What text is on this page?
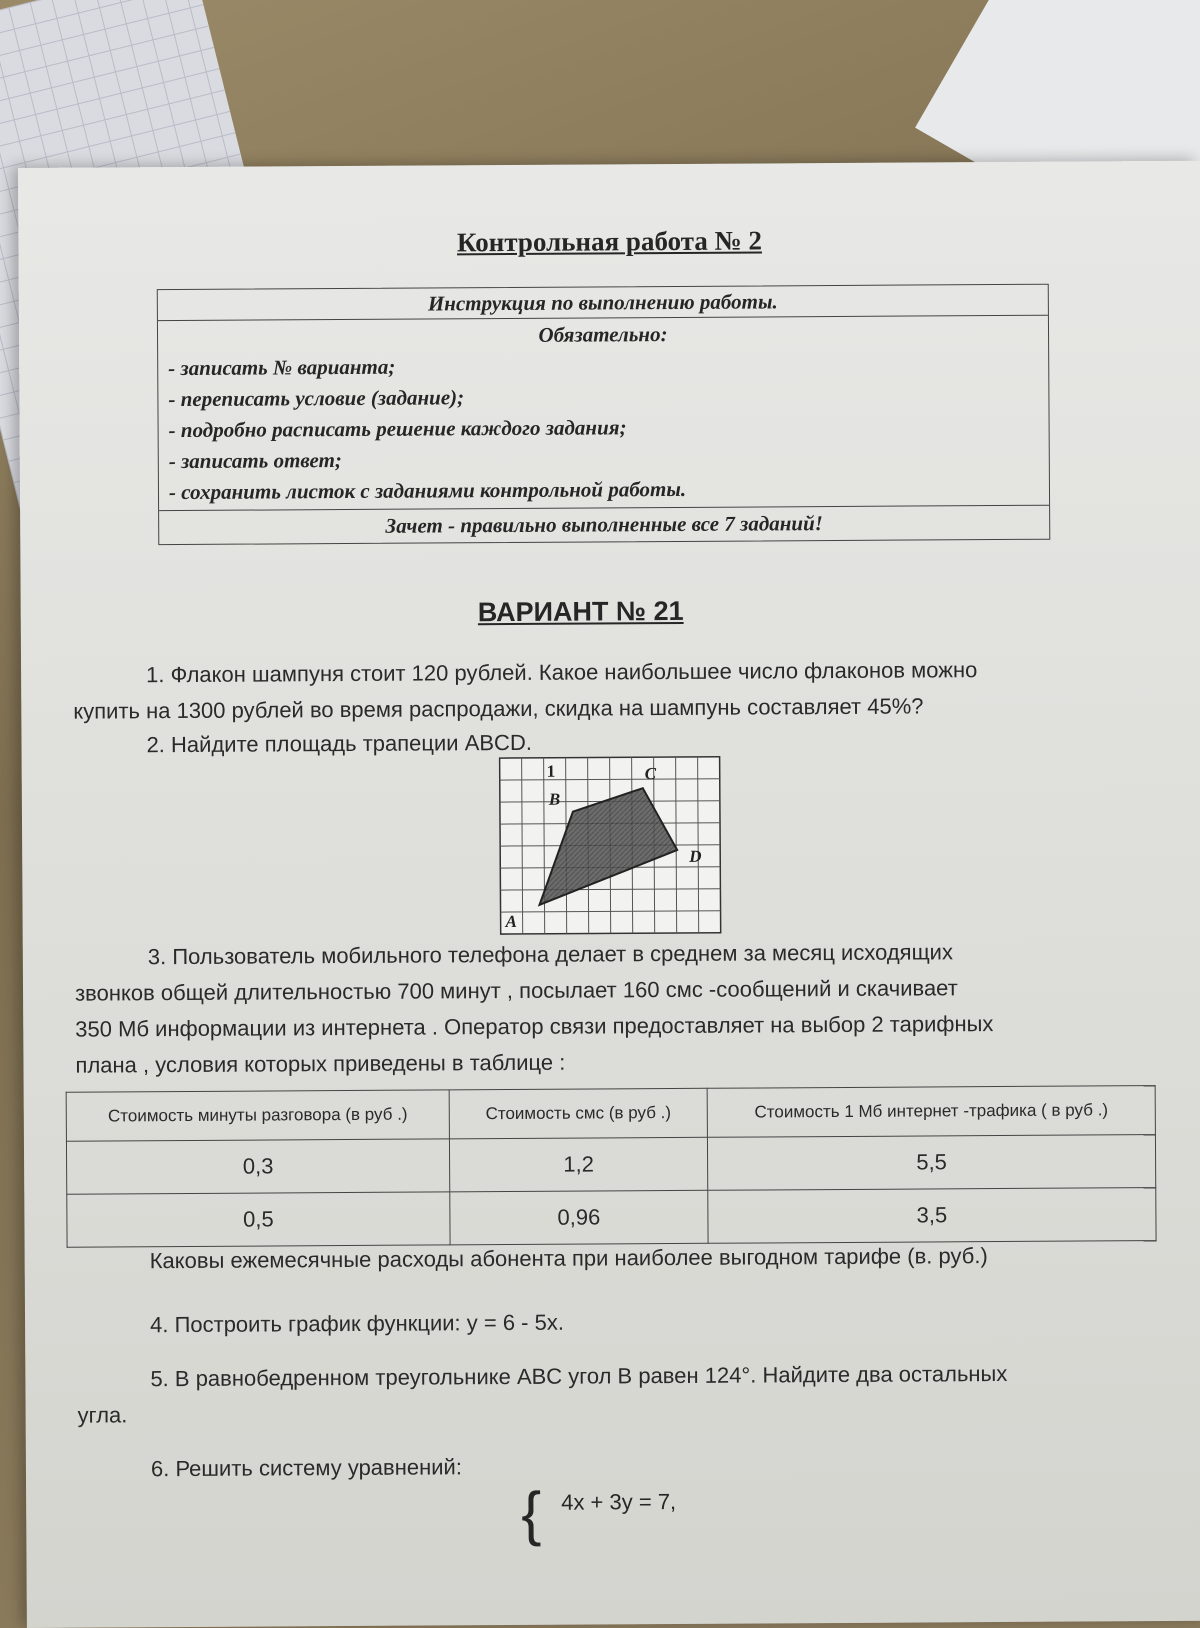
Контрольная работа № 2
Инструкция по выполнению работы.
Обязательно:
- записать № варианта;
- переписать условие (задание);
- подробно расписать решение каждого задания;
- записать ответ;
- сохранить листок с заданиями контрольной работы.
Зачет - правильно выполненные все 7 заданий!
ВАРИАНТ № 21
1. Флакон шампуня стоит 120 рублей. Какое наибольшее число флаконов можно
купить на 1300 рублей во время распродажи, скидка на шампунь составляет 45%?
2. Найдите площадь трапеции ABCD.
1
B
C
D
A
3. Пользователь мобильного телефона делает в среднем за месяц исходящих
звонков общей длительностью 700 минут , посылает 160 смс -сообщений и скачивает
350 Мб информации из интернета . Оператор связи предоставляет на выбор 2 тарифных
плана , условия которых приведены в таблице :
Стоимость минуты разговора (в руб .)	Стоимость смс (в руб .)	Стоимость 1 Мб интернет -трафика ( в руб .)
0,3	1,2	5,5
0,5	0,96	3,5
Каковы ежемесячные расходы абонента при наиболее выгодном тарифе (в. руб.)
4. Построить график функции: y = 6 - 5x.
5. В равнобедренном треугольнике ABC угол B равен 124°. Найдите два остальных
угла.
6. Решить систему уравнений:
{ 4x + 3y = 7,
